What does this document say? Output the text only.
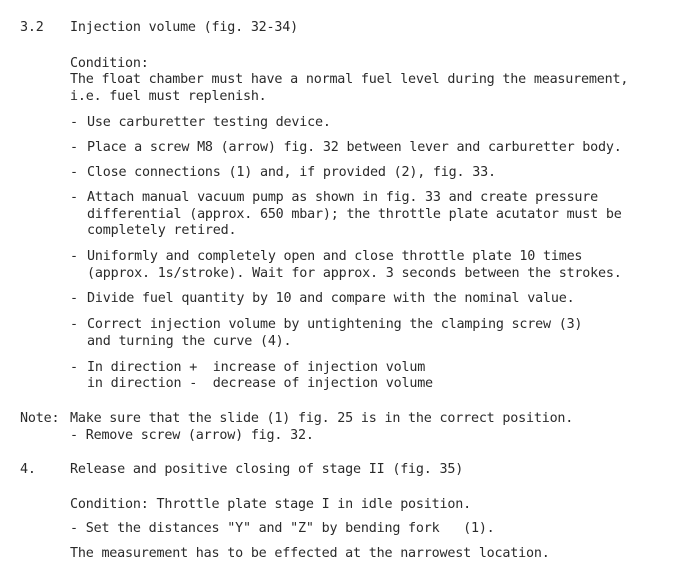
3.2 Injection volume (fig. 32-34)
Condition:
The float chamber must have a normal fuel level during the measurement,
i.e. fuel must replenish.
- Use carburetter testing device.
- Place a screw M8 (arrow) fig. 32 between lever and carburetter body.
- Close connections (1) and, if provided (2), fig. 33.
- Attach manual vacuum pump as shown in fig. 33 and create pressure
differential (approx. 650 mbar); the throttle plate acutator must be
completely retired.
- Uniformly and completely open and close throttle plate 10 times
(approx. 1s/stroke). Wait for approx. 3 seconds between the strokes.
- Divide fuel quantity by 10 and compare with the nominal value.
- Correct injection volume by untightening the clamping screw (3)
and turning the curve (4).
- In direction +  increase of injection volum
in direction -  decrease of injection volume
Note: Make sure that the slide (1) fig. 25 is in the correct position.
- Remove screw (arrow) fig. 32.
4.	Release and positive closing of stage II (fig. 35)
Condition: Throttle plate stage I in idle position.
- Set the distances "Y" and "Z" by bending fork   (1).
The measurement has to be effected at the narrowest location.
